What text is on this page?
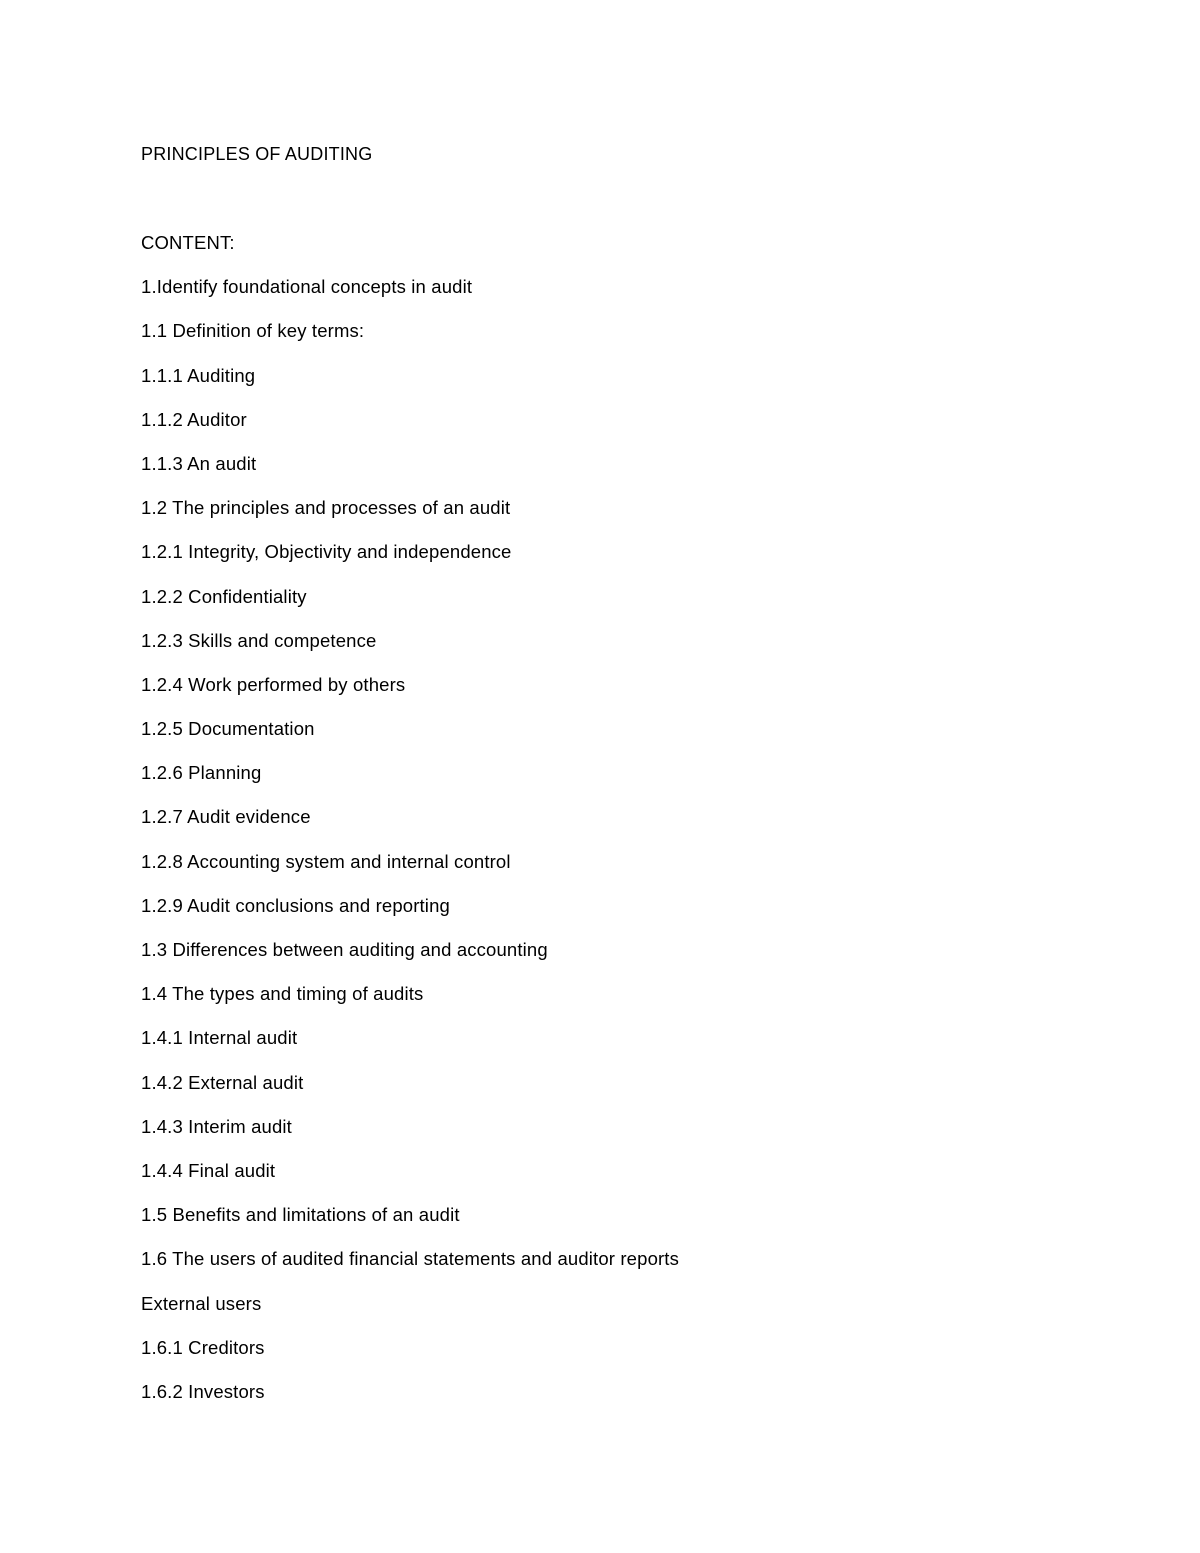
PRINCIPLES OF AUDITING
CONTENT:
1.Identify foundational concepts in audit
1.1 Definition of key terms:
1.1.1 Auditing
1.1.2 Auditor
1.1.3 An audit
1.2 The principles and processes of an audit
1.2.1 Integrity, Objectivity and independence
1.2.2 Confidentiality
1.2.3 Skills and competence
1.2.4 Work performed by others
1.2.5 Documentation
1.2.6 Planning
1.2.7 Audit evidence
1.2.8 Accounting system and internal control
1.2.9 Audit conclusions and reporting
1.3 Differences between auditing and accounting
1.4 The types and timing of audits
1.4.1 Internal audit
1.4.2 External audit
1.4.3 Interim audit
1.4.4 Final audit
1.5 Benefits and limitations of an audit
1.6 The users of audited financial statements and auditor reports
External users
1.6.1 Creditors
1.6.2 Investors
